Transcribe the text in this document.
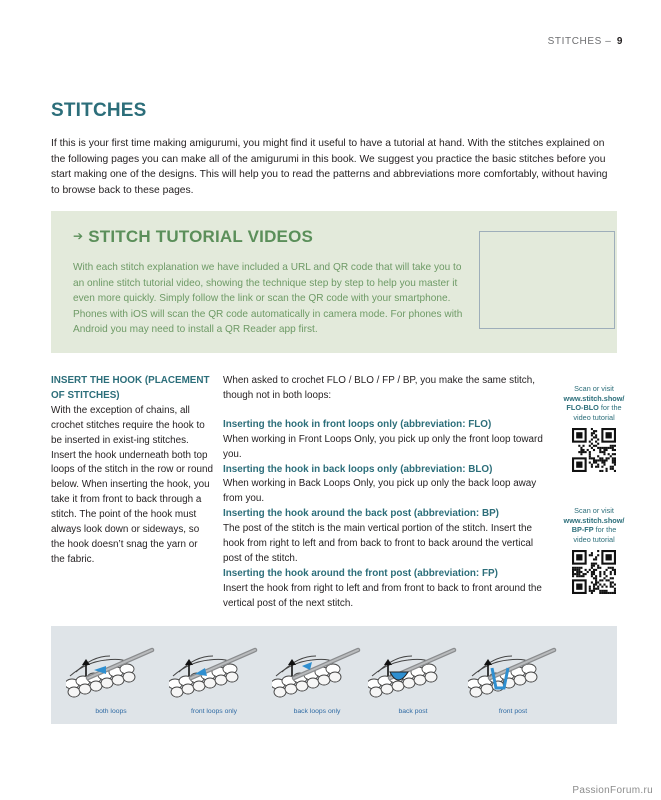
STITCHES – 9
STITCHES

If this is your first time making amigurumi, you might find it useful to have a tutorial at hand. With the stitches explained on the following pages you can make all of the amigurumi in this book. We suggest you practice the basic stitches before you start making one of the designs. This will help you to read the patterns and abbreviations more comfortably, without having to browse back to these pages.

➔ STITCH TUTORIAL VIDEOS

With each stitch explanation we have included a URL and QR code that will take you to an online stitch tutorial video, showing the technique step by step to help you master it even more quickly. Simply follow the link or scan the QR code with your smartphone. Phones with iOS will scan the QR code automatically in camera mode. For phones with Android you may need to install a QR Reader app first.

INSERT THE HOOK (PLACEMENT OF STITCHES)

With the exception of chains, all crochet stitches require the hook to be inserted in exist-ing stitches. Insert the hook underneath both top loops of the stitch in the row or round below. When inserting the hook, you take it from front to back through a stitch. The point of the hook must always look down or sideways, so the hook doesn’t snag the yarn or the fabric.

When asked to crochet FLO / BLO / FP / BP, you make the same stitch, though not in both loops:

Inserting the hook in front loops only (abbreviation: FLO)

When working in Front Loops Only, you pick up only the front loop toward you.

Inserting the hook in back loops only (abbreviation: BLO)

When working in Back Loops Only, you pick up only the back loop away from you.

Inserting the hook around the back post (abbreviation: BP)

The post of the stitch is the main vertical portion of the stitch. Insert the hook from right to left and from back to front to back around the vertical post of the stitch.

Inserting the hook around the front post (abbreviation: FP)

Insert the hook from right to left and from front to back to front around the vertical post of the next stitch.

Scan or visit
www.stitch.show/
FLO-BLO for the
video tutorial
Scan or visit
www.stitch.show/
BP-FP for the
video tutorial
both loops	front loops only	back loops only	back post	front post
PassionForum.ru
